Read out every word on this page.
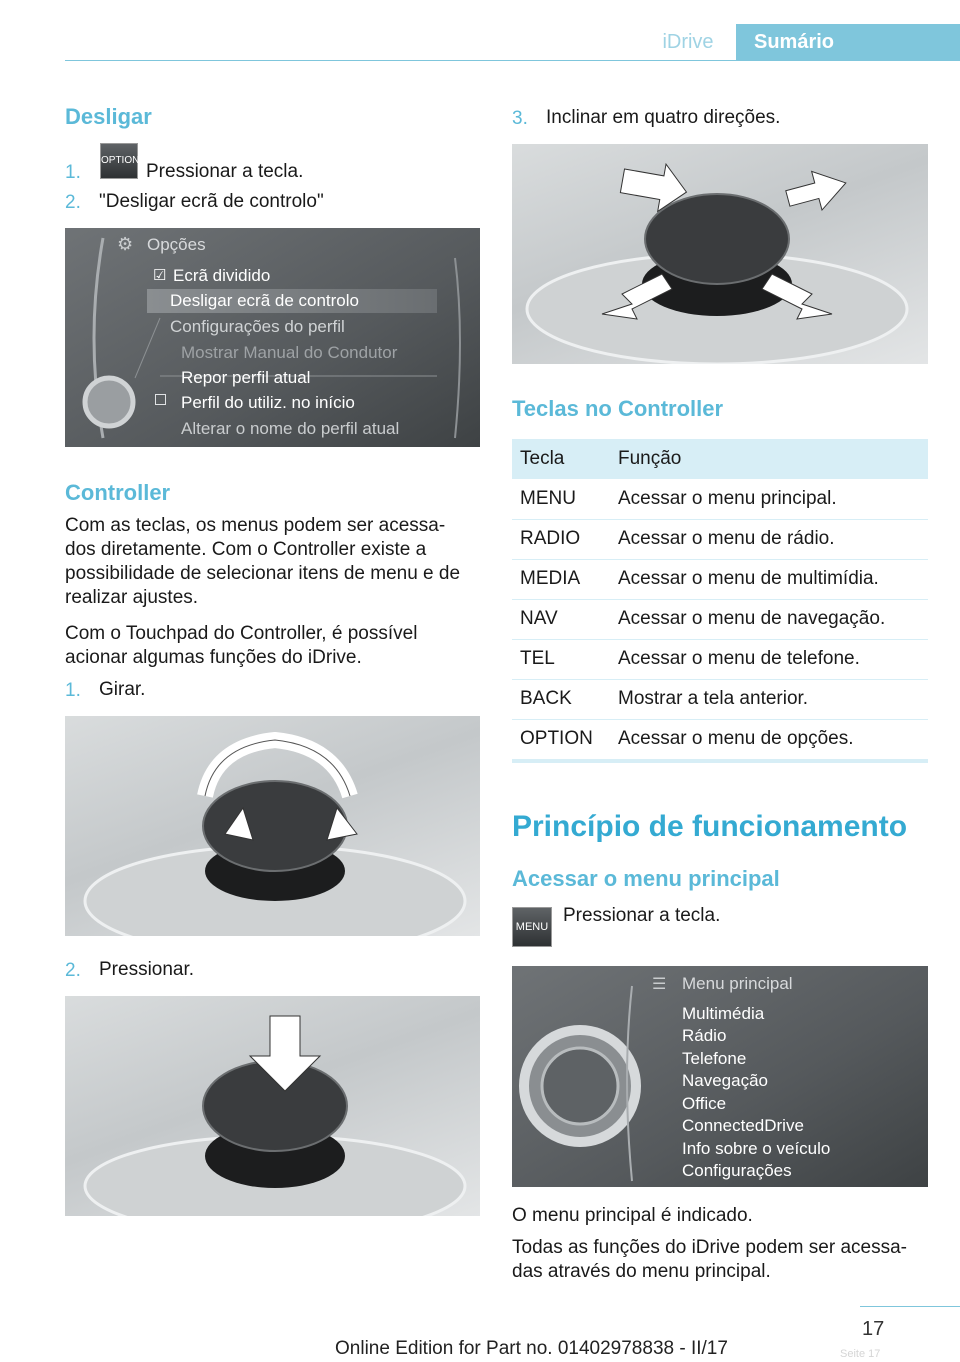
iDrive	Sumário
Desligar
1.
OPTION
Pressionar a tecla.
2. "Desligar ecrã de controlo"
⚙ Opções
☑ Ecrã dividido
Desligar ecrã de controlo
Configurações do perfil
Mostrar Manual do Condutor
Repor perfil atual
Perfil do utiliz. no início
Alterar o nome do perfil atual
Controller
Com as teclas, os menus podem ser acessa‐ dos diretamente. Com o Controller existe a possibilidade de selecionar itens de menu e de realizar ajustes.
Com o Touchpad do Controller, é possível acionar algumas funções do iDrive.
1. Girar.
2. Pressionar.
3. Inclinar em quatro direções.
Teclas no Controller
Tecla	Função
MENU Acessar o menu principal.
RADIO Acessar o menu de rádio.
MEDIA Acessar o menu de multimídia.
NAV	Acessar o menu de navegação.
TEL	Acessar o menu de telefone.
BACK Mostrar a tela anterior.
OPTION Acessar o menu de opções.
Princípio de funcionamento
Acessar o menu principal
MENU
Pressionar a tecla.
☰ Menu principal
Multimédia
Rádio
Telefone
Navegação
Office
ConnectedDrive
Info sobre o veículo
Configurações
O menu principal é indicado.
Todas as funções do iDrive podem ser acessa‐ das através do menu principal.
17
Online Edition for Part no. 01402978838 - II/17	Seite 17
